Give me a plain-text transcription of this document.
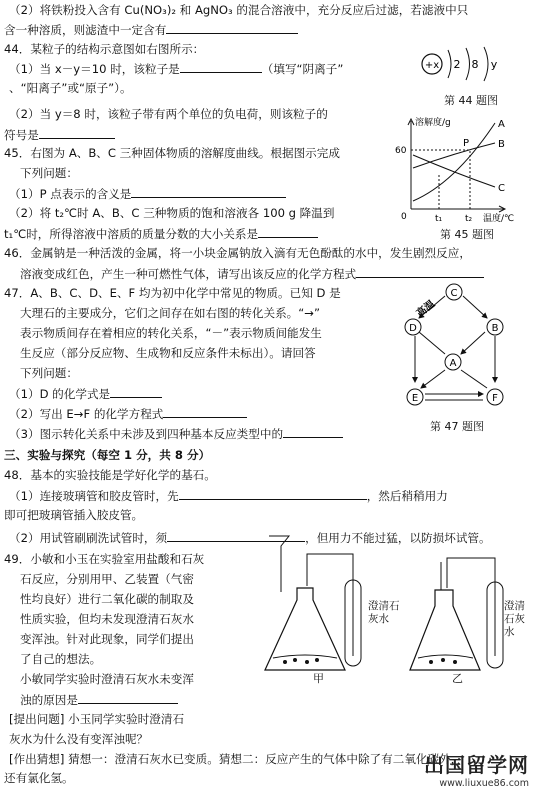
（2）将铁粉投入含有 Cu(NO₃)₂ 和 AgNO₃ 的混合溶液中，充分反应后过滤，若滤液中只
含一种溶质，则滤渣中一定含有
44．某粒子的结构示意图如右图所示：
（1）当 x－y＝10 时，该粒子是	（填写“阴离子”
、“阳离子”或“原子”）。
（2）当 y＝8 时，该粒子带有两个单位的负电荷，则该粒子的
符号是
45．右图为 A、B、C 三种固体物质的溶解度曲线。根据图示完成
下列问题：
（1）P 点表示的含义是
（2）将 t₂℃时 A、B、C 三种物质的饱和溶液各 100 g 降温到
t₁℃时，所得溶液中溶质的质量分数的大小关系是
46．金属钠是一种活泼的金属，将一小块金属钠放入滴有无色酚酞的水中，发生剧烈反应，
溶液变成红色，产生一种可燃性气体，请写出该反应的化学方程式
47．A、B、C、D、E、F 均为初中化学中常见的物质。已知 D 是
大理石的主要成分，它们之间存在如右图的转化关系。“→”
表示物质间存在着相应的转化关系，“－”表示物质间能发生
生反应（部分反应物、生成物和反应条件未标出）。请回答
下列问题：
（1）D 的化学式是
（2）写出 E→F 的化学方程式
（3）图示转化关系中未涉及到四种基本反应类型中的
三、实验与探究（每空 1 分，共 8 分）
48．基本的实验技能是学好化学的基石。
（1）连接玻璃管和胶皮管时，先	，然后稍稍用力
即可把玻璃管插入胶皮管。
（2）用试管刷刷洗试管时，须	，但用力不能过猛，以防损坏试管。
49．小敏和小玉在实验室用盐酸和石灰
石反应，分别用甲、乙装置（气密
性均良好）进行二氧化碳的制取及
性质实验，但均未发现澄清石灰水
变浑浊。针对此现象，同学们提出
了自己的想法。
小敏同学实验时澄清石灰水未变浑
浊的原因是
[提出问题] 小玉同学实验时澄清石
灰水为什么没有变浑浊呢？
[作出猜想] 猜想一：澄清石灰水已变质。猜想二：反应产生的气体中除了有二氧化碳外，
还有氯化氢。
+x 2 8 y
第 44 题图
溶解度/g
温度/℃
0
60
t₁	t₂
A
B
C
P
第 45 题图
高温
C
D	B
A
E	F
第 47 题图
澄清石灰水
澄清石灰水
甲	乙
出国留学网
www.liuxue86.com
